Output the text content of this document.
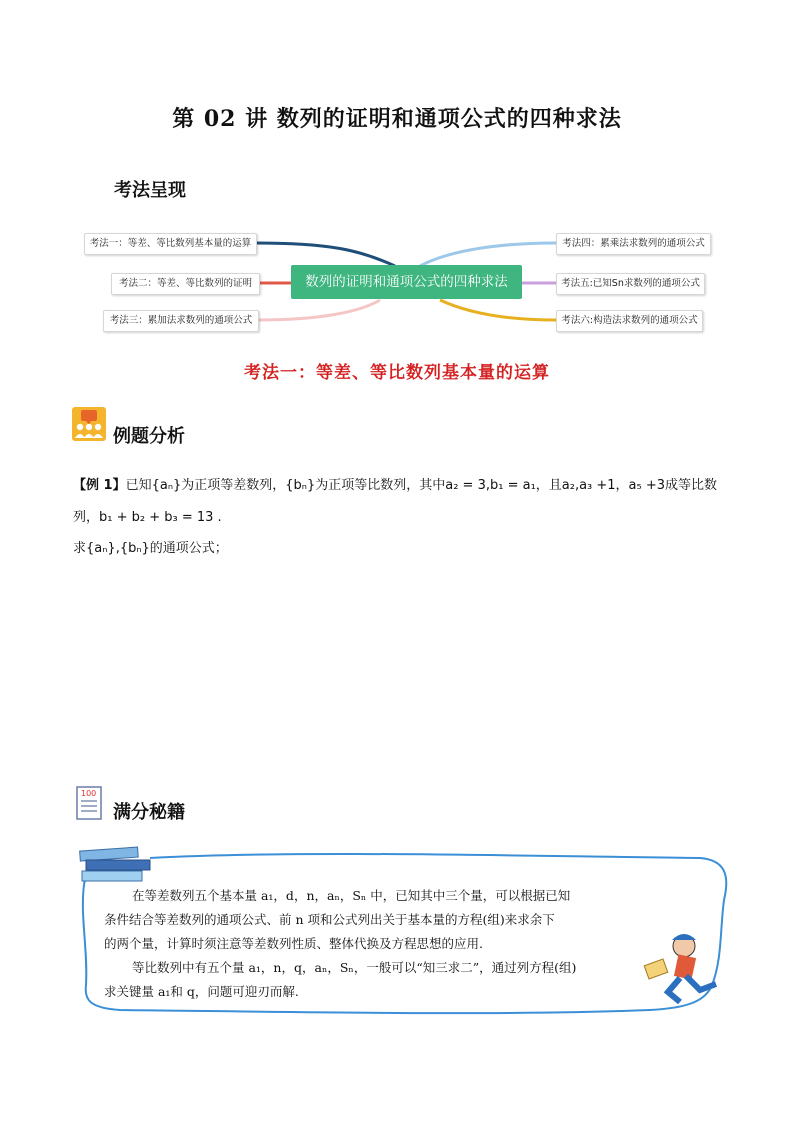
第 02 讲 数列的证明和通项公式的四种求法
考法呈现
考法一：等差、等比数列基本量的运算
考法二：等差、等比数列的证明
考法三：累加法求数列的通项公式
数列的证明和通项公式的四种求法
考法四：累乘法求数列的通项公式
考法五:已知Sn求数列的通项公式
考法六:构造法求数列的通项公式
考法一：等差、等比数列基本量的运算
例题分析
【例 1】已知{aₙ}为正项等差数列，{bₙ}为正项等比数列，其中a₂ = 3,b₁ = a₁，且a₂,a₃ +1，a₅ +3成等比数
列，b₁ + b₂ + b₃ = 13 .
求{aₙ},{bₙ}的通项公式；
100
满分秘籍
在等差数列五个基本量 a₁，d，n，aₙ，Sₙ 中，已知其中三个量，可以根据已知
条件结合等差数列的通项公式、前 n 项和公式列出关于基本量的方程(组)来求余下
的两个量，计算时须注意等差数列性质、整体代换及方程思想的应用.
等比数列中有五个量 a₁，n，q，aₙ，Sₙ，一般可以“知三求二”，通过列方程(组)
求关键量 a₁和 q，问题可迎刃而解.
